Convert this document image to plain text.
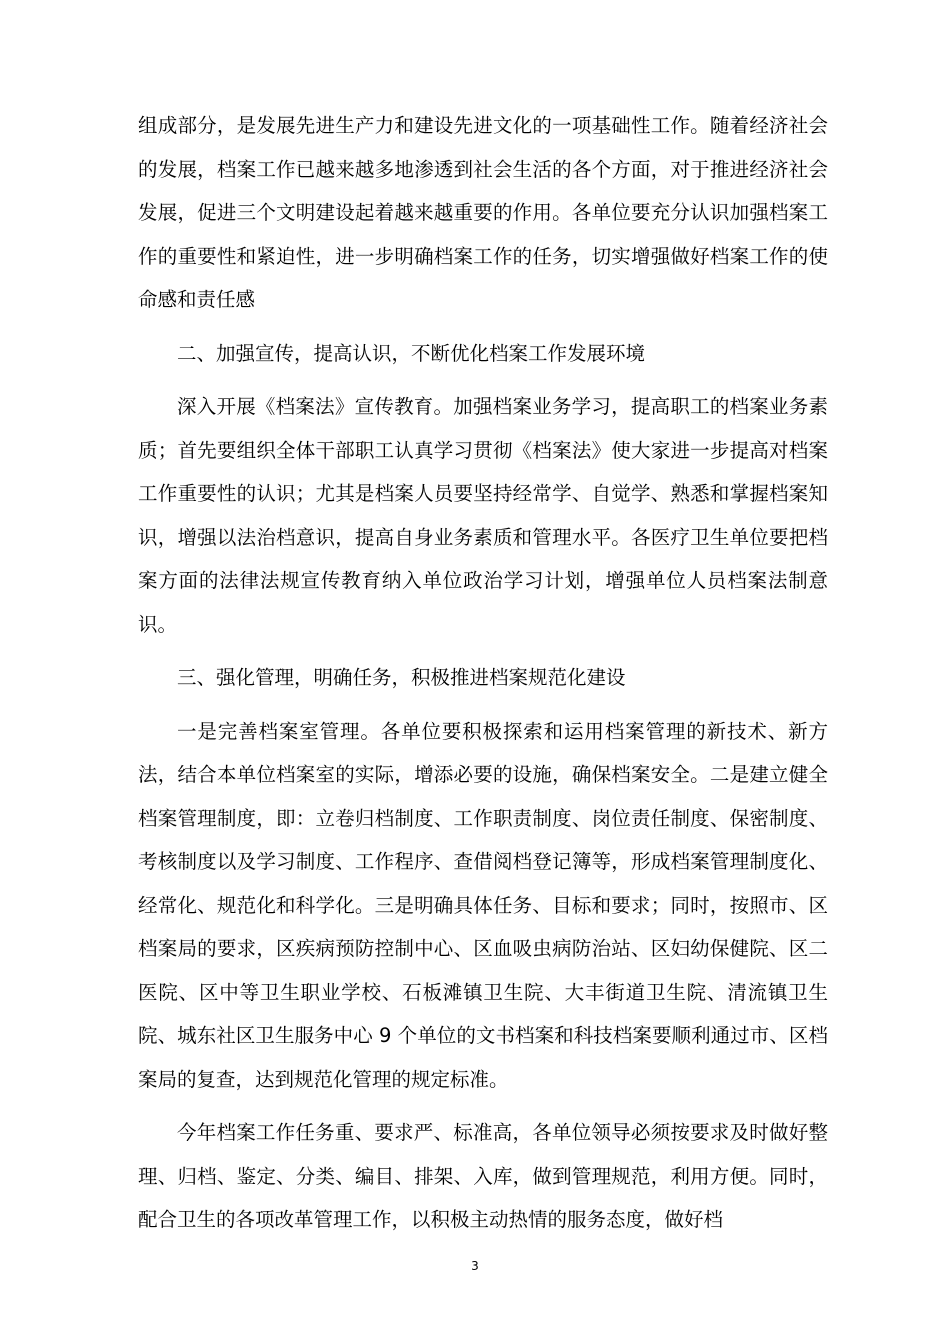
组成部分，是发展先进生产力和建设先进文化的一项基础性工作。随着经济社会的发展，档案工作已越来越多地渗透到社会生活的各个方面，对于推进经济社会发展，促进三个文明建设起着越来越重要的作用。各单位要充分认识加强档案工作的重要性和紧迫性，进一步明确档案工作的任务，切实增强做好档案工作的使命感和责任感

二、加强宣传，提高认识，不断优化档案工作发展环境

深入开展《档案法》宣传教育。加强档案业务学习，提高职工的档案业务素质；首先要组织全体干部职工认真学习贯彻《档案法》使大家进一步提高对档案工作重要性的认识；尤其是档案人员要坚持经常学、自觉学、熟悉和掌握档案知识，增强以法治档意识，提高自身业务素质和管理水平。各医疗卫生单位要把档案方面的法律法规宣传教育纳入单位政治学习计划，增强单位人员档案法制意识。

三、强化管理，明确任务，积极推进档案规范化建设

一是完善档案室管理。各单位要积极探索和运用档案管理的新技术、新方法，结合本单位档案室的实际，增添必要的设施，确保档案安全。二是建立健全档案管理制度，即：立卷归档制度、工作职责制度、岗位责任制度、保密制度、考核制度以及学习制度、工作程序、查借阅档登记簿等，形成档案管理制度化、经常化、规范化和科学化。三是明确具体任务、目标和要求；同时，按照市、区档案局的要求，区疾病预防控制中心、区血吸虫病防治站、区妇幼保健院、区二医院、区中等卫生职业学校、石板滩镇卫生院、大丰街道卫生院、清流镇卫生院、城东社区卫生服务中心 9 个单位的文书档案和科技档案要顺利通过市、区档案局的复查，达到规范化管理的规定标准。

今年档案工作任务重、要求严、标准高，各单位领导必须按要求及时做好整理、归档、鉴定、分类、编目、排架、入库，做到管理规范，利用方便。同时，配合卫生的各项改革管理工作，以积极主动热情的服务态度，做好档

3
